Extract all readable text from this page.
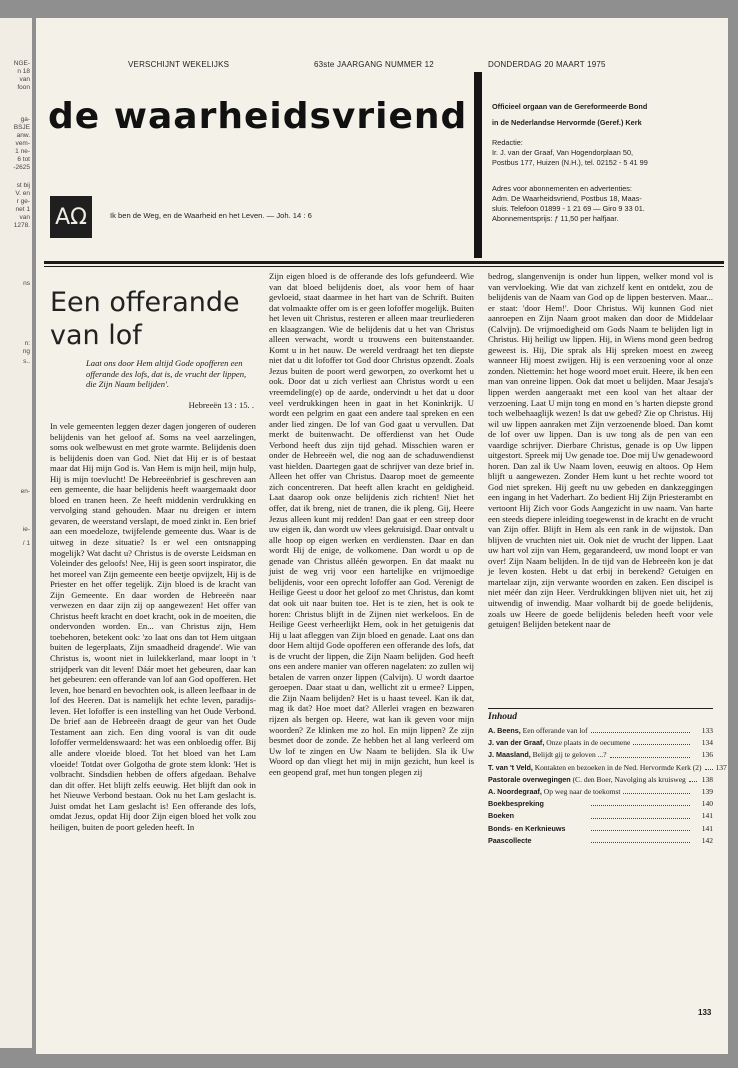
NGE-
n 18
van
foon
ga-
BSJE
anw.
vem-
1 ne-
6 tot
-2625
st bij
V. en
r ge-
net 1
van
1278.
ns
n:
ng
s..
en-
ie-
/ 1
VERSCHIJNT WEKELIJKS	63ste JAARGANG NUMMER 12	DONDERDAG 20 MAART 1975
de waarheidsvriend	Officieel orgaan van de Gereformeerde Bond
in de Nederlandse Hervormde (Geref.) Kerk
Redactie:
Ir. J. van der Graaf, Van Hogendorplaan 50,
Postbus 177, Huizen (N.H.), tel. 02152 - 5 41 99
Adres voor abonnementen en advertenties:
Adm. De Waarheidsvriend, Postbus 18, Maas-
sluis. Telefoon 01899 - 1 21 69 — Giro 9 33 01.
Abonnementsprijs: ƒ 11,50 per halfjaar.
AΩ	Ik ben de Weg, en de Waarheid en het Leven. — Joh. 14 : 6
Een offerande van lof
Laat ons door Hem altijd Gode opofferen een offerande des lofs, dat is, de vrucht der lippen, die Zijn Naam belijden'.
Hebreeën 13 : 15. .

In vele gemeenten leggen dezer dagen jongeren of ouderen belijdenis van het geloof af. Soms na veel aarzelingen, soms ook welbewust en met grote warmte. Belijdenis doen is belijdenis doen van God. Niet dat Hij er is of bestaat maar dat Hij mijn God is. Van Hem is mijn heil, mijn hulp, Hij is mijn toevlucht! De Hebreeënbrief is geschreven aan een gemeente, die haar belijdenis heeft waargemaakt door bloed en tranen heen. Ze heeft middenin verdrukking en vervolging stand gehouden. Maar nu dreigen er intern gevaren, de weerstand verslapt, de moed zinkt in. Een brief aan een moedeloze, twijfelende gemeente dus. Waar is de uitweg in deze situatie? Is er wel een ontsnapping mogelijk? Wat dacht u? Christus is de overste Leidsman en Voleinder des geloofs! Nee, Hij is geen soort inspirator, die het moreel van Zijn gemeente een beetje opvijzelt, Hij is de Priester en het offer tegelijk. Zijn bloed is de kracht van Zijn Gemeente. En daar worden de Hebreeën naar verwezen en daar zijn zij op aangewezen! Het offer van Christus heeft kracht en doet kracht, ook in de moeiten, die ondervonden worden. En... van Christus zijn, Hem toebehoren, betekent ook: 'zo laat ons dan tot Hem uitgaan buiten de legerplaats, Zijn smaadheid dragende'. Wie van Christus is, woont niet in luilekkerland, maar loopt in 't strijdperk van dit leven! Dáár moet het gebeuren, daar kan het gebeuren: een offerande van lof aan God opofferen. Het leven, hoe benard en bevochten ook, is alleen leefbaar in de lof des Heeren. Dat is namelijk het echte leven, paradijs-leven. Het lofoffer is een instelling van het Oude Verbond. De brief aan de Hebreeën draagt de geur van het Oude Testament aan zich. Een ding vooral is van dit oude lofoffer vermeldenswaard: het was een onbloedig offer. Bij alle andere vloeide bloed. Tot het bloed van het Lam vloeide! Totdat over Golgotha de grote stem klonk: 'Het is volbracht. Sindsdien hebben de offers afgedaan. Behalve dan dit offer. Het blijft zelfs eeuwig. Het blijft dan ook in het Nieuwe Verbond bestaan. Ook nu het Lam geslacht is. Juist omdat het Lam geslacht is! Een offerande des lofs, omdat Jezus, opdat Hij door Zijn eigen bloed het volk zou heiligen, buiten de poort geleden heeft. In

Zijn eigen bloed is de offerande des lofs gefundeerd. Wie van dat bloed belijdenis doet, als voor hem of haar gevloeid, staat daarmee in het hart van de Schrift. Buiten dat volmaakte offer om is er geen lofoffer mogelijk. Buiten het leven uit Christus, resteren er alleen maar treurliederen en klaagzangen. Wie de belijdenis dat u het van Christus alleen verwacht, wordt u trouwens een buitenstaander. Komt u in het nauw. De wereld verdraagt het ten diepste niet dat u dit lofoffer tot God door Christus opzendt. Zoals Jezus buiten de poort werd geworpen, zo overkomt het u ook. Door dat u zich verliest aan Christus wordt u een vreemdeling(e) op de aarde, ondervindt u het dat u door veel verdrukkingen heen in gaat in het Koninkrijk. U wordt een pelgrim en gaat een andere taal spreken en een ander lied zingen. De lof van God gaat u vervullen. Dat merkt de buitenwacht. De offerdienst van het Oude Verbond heeft dus zijn tijd gehad. Misschien waren er onder de Hebreeën wel, die nog aan de schaduwendienst vast hielden. Daartegen gaat de schrijver van deze brief in. Alleen het offer van Christus. Daarop moet de gemeente zich concentreren. Dat heeft allen kracht en geldigheid. Laat daarop ook onze belijdenis zich richten! Niet het offer, dat ik breng, niet de tranen, die ik pleng. Gij, Heere Jezus alleen kunt mij redden! Dan gaat er een streep door uw eigen ik, dan wordt uw vlees gekruisigd. Daar ontvalt u alle hoop op eigen werken en verdiensten. Daar en dan wordt Hij de enige, de volkomene. Dan wordt u op de genade van Christus alléén geworpen. En dat maakt nu juist de weg vrij voor een hartelijke en vrijmoedige belijdenis, voor een oprecht lofoffer aan God. Verenigt de Heilige Geest u door het geloof zo met Christus, dan komt dat ook uit naar buiten toe. Het is te zien, het is ook te horen: Christus blijft in de Zijnen niet werkeloos. En de Heilige Geest verheerlijkt Hem, ook in het getuigenis dat Hij u laat afleggen van Zijn bloed en genade. Laat ons dan door Hem altijd Gode opofferen een offerande des lofs, dat is de vrucht der lippen, die Zijn Naam belijden. God heeft ons een andere manier van offeren nagelaten: zo zullen wij betalen de varren onzer lippen (Calvijn). U wordt daartoe geroepen. Daar staat u dan, wellicht zit u ermee? Lippen, die Zijn Naam belijden? Het is u haast teveel. Kan ik dat, mag ik dat? Hoe moet dat? Allerlei vragen en bezwaren rijzen als bergen op. Heere, wat kan ik geven voor mijn woorden? Ze klinken me zo hol. En mijn lippen? Ze zijn besmet door de zonde. Ze hebben het al lang verleerd om Uw lof te zingen en Uw Naam te belijden. Sla ik Uw Woord op dan vliegt het mij in mijn gezicht, hun keel is een geopend graf, met hun tongen plegen zij

bedrog, slangenvenijn is onder hun lippen, welker mond vol is van vervloeking. Wie dat van zichzelf kent en ontdekt, zou de belijdenis van de Naam van God op de lippen besterven. Maar... er staat: 'door Hem!'. Door Christus. Wij kunnen God niet aanroepen en Zijn Naam groot maken dan door de Middelaar (Calvijn). De vrijmoedigheid om Gods Naam te belijden ligt in Christus. Hij heiligt uw lippen. Hij, in Wiens mond geen bedrog geweest is. Hij, Die sprak als Hij spreken moest en zweeg wanneer Hij moest zwijgen. Hij is een verzoening voor al onze zonden. Niettemin: het hoge woord moet eruit. Heere, ik ben een man van onreine lippen. Ook dat moet u belijden. Maar Jesaja's lippen werden aangeraakt met een kool van het altaar der verzoening. Laat U mijn tong en mond en 's harten diepste grond toch welbehaaglijk wezen! Is dat uw gebed? Zie op Christus. Hij wil uw lippen aanraken met Zijn verzoenende bloed. Dan komt de lof over uw lippen. Dan is uw tong als de pen van een vaardige schrijver. Dierbare Christus, genade is op Uw lippen uitgestort. Spreek mij Uw genade toe. Doe mij Uw genadewoord horen. Dan zal ik Uw Naam loven, eeuwig en altoos. Op Hem blijft u aangewezen. Zonder Hem kunt u het rechte woord tot God niet spreken. Hij geeft nu uw gebeden en dankzeggingen een ingang in het Vaderhart. Zo bedient Hij Zijn Priesterambt en vertoont Hij Zich voor Gods Aangezicht in uw naam. Van harte een steeds diepere inleiding toegewenst in de kracht en de vrucht van Zijn offer. Blijft in Hem als een rank in de wijnstok. Dan blijven de vruchten niet uit. Ook niet de vrucht der lippen. Laat uw hart vol zijn van Hem, gegarandeerd, uw mond loopt er van over! Zijn Naam belijden. In de tijd van de Hebreeën kon je dat je leven kosten. Hebt u dat erbij in berekend? Getuigen en martelaar zijn, zijn verwante woorden en zaken. Een discipel is niet méér dan zijn Heer. Verdrukkingen blijven niet uit, het zij uitwendig of inwendig. Maar volhardt bij de goede belijdenis, zoals uw Heere de goede belijdenis beleden heeft voor vele getuigen! Belijden betekent naar de

Inhoud
A. Beens, Een offerande van lof	133
J. van der Graaf, Onze plaats in de oecumene	134
J. Maasland, Belijdt gij te geloven ...?	136
T. van 't Veld, Kontakten en bezoeken in de Ned. Hervormde Kerk (2) 137
Pastorale overwegingen (C. den Boer, Navolging als kruisweg 138
A. Noordegraaf, Op weg naar de toekomst	139
Boekbespreking	140
Boeken	141
Bonds- en Kerknieuws	141
Paascollecte	142
133
